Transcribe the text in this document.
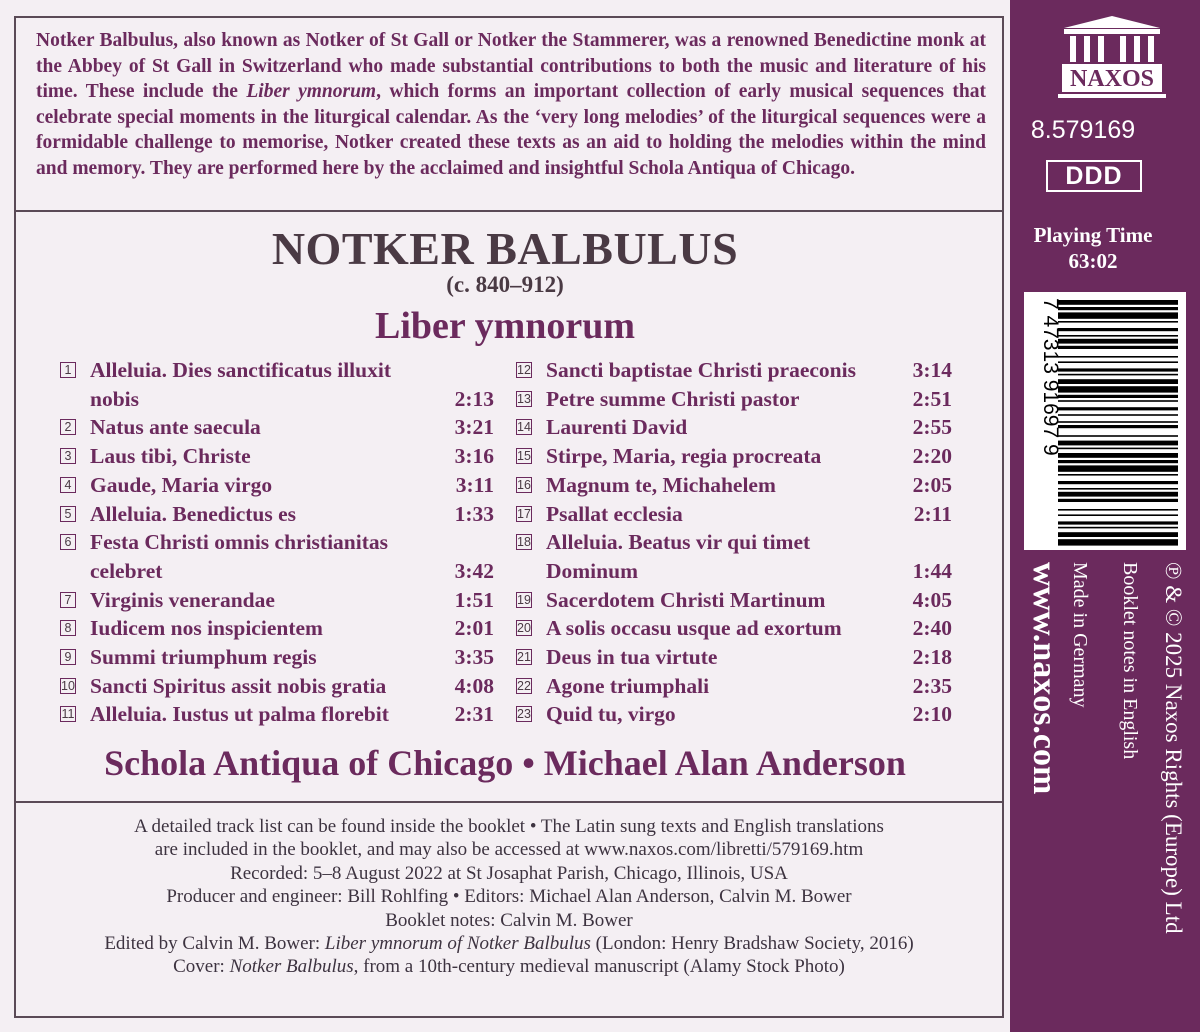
Notker Balbulus, also known as Notker of St Gall or Notker the Stammerer, was a renowned Benedictine monk at the Abbey of St Gall in Switzerland who made substantial contributions to both the music and literature of his time. These include the Liber ymnorum, which forms an important collection of early musical sequences that celebrate special moments in the liturgical calendar. As the ‘very long melodies’ of the liturgical sequences were a formidable challenge to memorise, Notker created these texts as an aid to holding the melodies within the mind and memory. They are performed here by the acclaimed and insightful Schola Antiqua of Chicago.
NOTKER BALBULUS
(c. 840–912)
Liber ymnorum
1 Alleluia. Dies sanctificatus illuxit nobis	2:13
2 Natus ante saecula	3:21
3 Laus tibi, Christe	3:16
4 Gaude, Maria virgo	3:11
5 Alleluia. Benedictus es	1:33
6 Festa Christi omnis christianitas celebret	3:42
7 Virginis venerandae	1:51
8 Iudicem nos inspicientem	2:01
9 Summi triumphum regis	3:35
10 Sancti Spiritus assit nobis gratia	4:08
11 Alleluia. Iustus ut palma florebit	2:31
12 Sancti baptistae Christi praeconis	3:14
13 Petre summe Christi pastor	2:51
14 Laurenti David	2:55
15 Stirpe, Maria, regia procreata	2:20
16 Magnum te, Michahelem	2:05
17 Psallat ecclesia	2:11
18 Alleluia. Beatus vir qui timet Dominum	1:44
19 Sacerdotem Christi Martinum	4:05
20 A solis occasu usque ad exortum	2:40
21 Deus in tua virtute	2:18
22 Agone triumphali	2:35
23 Quid tu, virgo	2:10
Schola Antiqua of Chicago • Michael Alan Anderson
A detailed track list can be found inside the booklet • The Latin sung texts and English translations
are included in the booklet, and may also be accessed at www.naxos.com/libretti/579169.htm
Recorded: 5–8 August 2022 at St Josaphat Parish, Chicago, Illinois, USA
Producer and engineer: Bill Rohlfing • Editors: Michael Alan Anderson, Calvin M. Bower
Booklet notes: Calvin M. Bower
Edited by Calvin M. Bower: Liber ymnorum of Notker Balbulus (London: Henry Bradshaw Society, 2016)
Cover: Notker Balbulus, from a 10th-century medieval manuscript (Alamy Stock Photo)
NAXOS
8.579169
DDD
Playing Time
63:02
7 47313 91697 9
www.naxos.com Made in Germany Booklet notes in English ℗ & © 2025 Naxos Rights (Europe) Ltd
